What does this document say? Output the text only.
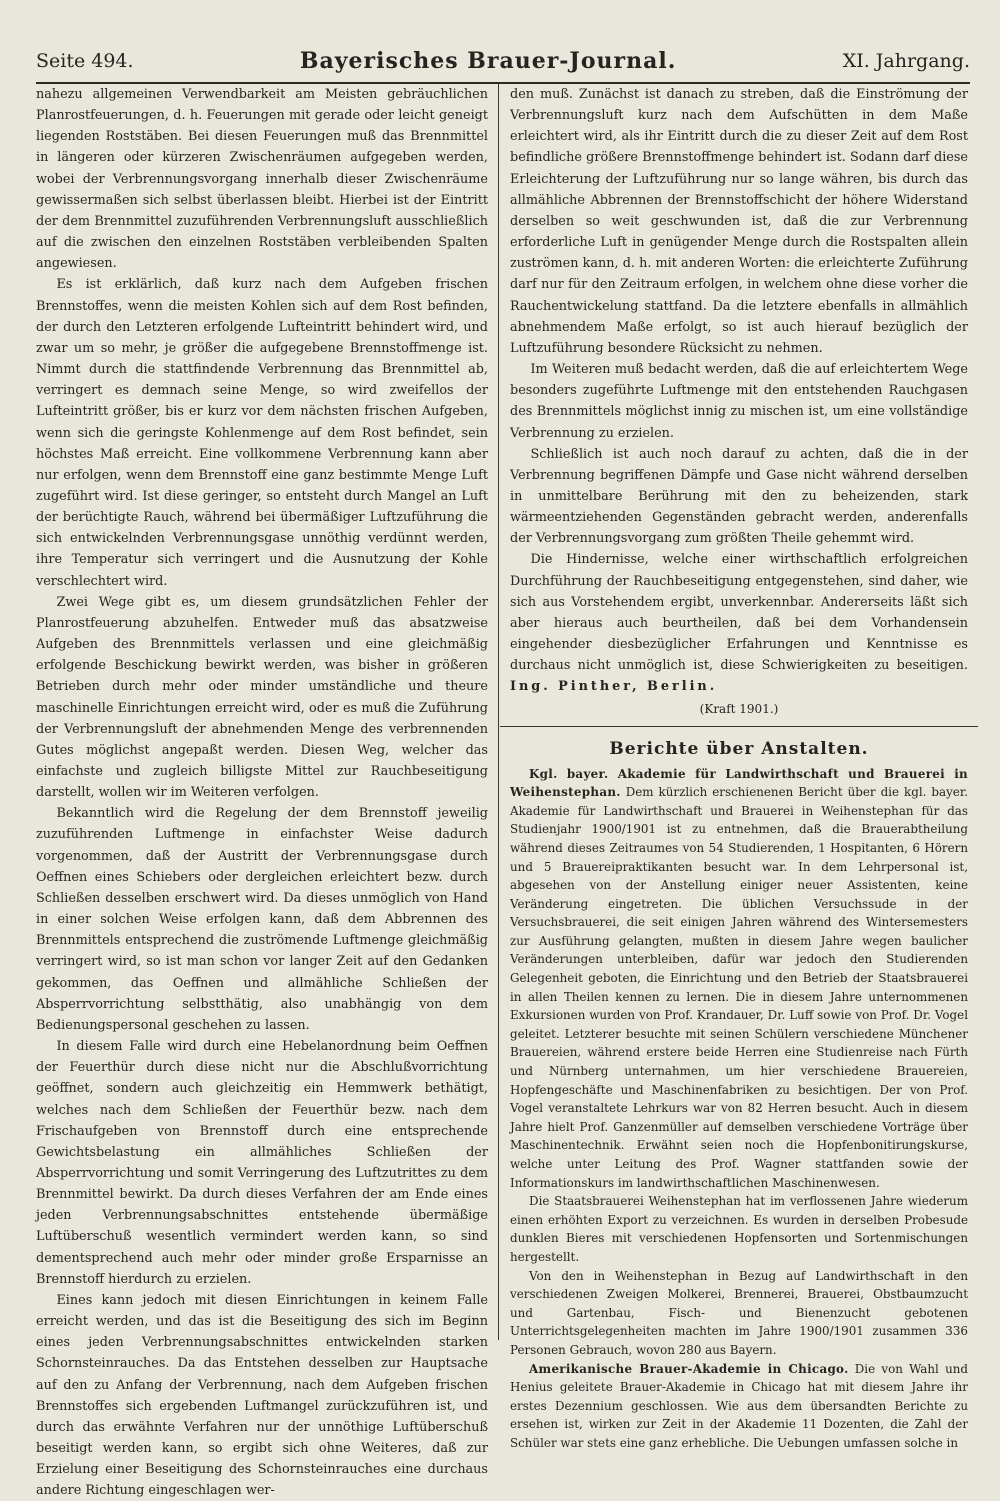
Seite 494.	Bayerisches Brauer-Journal.	XI. Jahrgang.

nahezu allgemeinen Verwendbarkeit am Meisten gebräuchlichen Planrostfeuerungen, d. h. Feuerungen mit gerade oder leicht geneigt liegenden Roststäben. Bei diesen Feuerungen muß das Brennmittel in längeren oder kürzeren Zwischenräumen aufgegeben werden, wobei der Verbrennungsvorgang innerhalb dieser Zwischenräume gewissermaßen sich selbst überlassen bleibt. Hierbei ist der Eintritt der dem Brennmittel zuzuführenden Verbrennungsluft ausschließlich auf die zwischen den einzelnen Roststäben verbleibenden Spalten angewiesen.

Es ist erklärlich, daß kurz nach dem Aufgeben frischen Brennstoffes, wenn die meisten Kohlen sich auf dem Rost befinden, der durch den Letzteren erfolgende Lufteintritt behindert wird, und zwar um so mehr, je größer die aufgegebene Brennstoffmenge ist. Nimmt durch die stattfindende Verbrennung das Brennmittel ab, verringert es demnach seine Menge, so wird zweifellos der Lufteintritt größer, bis er kurz vor dem nächsten frischen Aufgeben, wenn sich die geringste Kohlenmenge auf dem Rost befindet, sein höchstes Maß erreicht. Eine vollkommene Verbrennung kann aber nur erfolgen, wenn dem Brennstoff eine ganz bestimmte Menge Luft zugeführt wird. Ist diese geringer, so entsteht durch Mangel an Luft der berüchtigte Rauch, während bei übermäßiger Luftzuführung die sich entwickelnden Verbrennungsgase unnöthig verdünnt werden, ihre Temperatur sich verringert und die Ausnutzung der Kohle verschlechtert wird.

Zwei Wege gibt es, um diesem grundsätzlichen Fehler der Planrostfeuerung abzuhelfen. Entweder muß das absatzweise Aufgeben des Brennmittels verlassen und eine gleichmäßig erfolgende Beschickung bewirkt werden, was bisher in größeren Betrieben durch mehr oder minder umständliche und theure maschinelle Einrichtungen erreicht wird, oder es muß die Zuführung der Verbrennungsluft der abnehmenden Menge des verbrennenden Gutes möglichst angepaßt werden. Diesen Weg, welcher das einfachste und zugleich billigste Mittel zur Rauchbeseitigung darstellt, wollen wir im Weiteren verfolgen.

Bekanntlich wird die Regelung der dem Brennstoff jeweilig zuzuführenden Luftmenge in einfachster Weise dadurch vorgenommen, daß der Austritt der Verbrennungsgase durch Oeffnen eines Schiebers oder dergleichen erleichtert bezw. durch Schließen desselben erschwert wird. Da dieses unmöglich von Hand in einer solchen Weise erfolgen kann, daß dem Abbrennen des Brennmittels entsprechend die zuströmende Luftmenge gleichmäßig verringert wird, so ist man schon vor langer Zeit auf den Gedanken gekommen, das Oeffnen und allmähliche Schließen der Absperrvorrichtung selbstthätig, also unabhängig von dem Bedienungspersonal geschehen zu lassen.

In diesem Falle wird durch eine Hebelanordnung beim Oeffnen der Feuerthür durch diese nicht nur die Abschlußvorrichtung geöffnet, sondern auch gleichzeitig ein Hemmwerk bethätigt, welches nach dem Schließen der Feuerthür bezw. nach dem Frischaufgeben von Brennstoff durch eine entsprechende Gewichtsbelastung ein allmähliches Schließen der Absperrvorrichtung und somit Verringerung des Luftzutrittes zu dem Brennmittel bewirkt. Da durch dieses Verfahren der am Ende eines jeden Verbrennungsabschnittes entstehende übermäßige Luftüberschuß wesentlich vermindert werden kann, so sind dementsprechend auch mehr oder minder große Ersparnisse an Brennstoff hierdurch zu erzielen.

Eines kann jedoch mit diesen Einrichtungen in keinem Falle erreicht werden, und das ist die Beseitigung des sich im Beginn eines jeden Verbrennungsabschnittes entwickelnden starken Schornsteinrauches. Da das Entstehen desselben zur Hauptsache auf den zu Anfang der Verbrennung, nach dem Aufgeben frischen Brennstoffes sich ergebenden Luftmangel zurückzuführen ist, und durch das erwähnte Verfahren nur der unnöthige Luftüberschuß beseitigt werden kann, so ergibt sich ohne Weiteres, daß zur Erzielung einer Beseitigung des Schornsteinrauches eine durchaus andere Richtung eingeschlagen wer-

den muß. Zunächst ist danach zu streben, daß die Einströmung der Verbrennungsluft kurz nach dem Aufschütten in dem Maße erleichtert wird, als ihr Eintritt durch die zu dieser Zeit auf dem Rost befindliche größere Brennstoffmenge behindert ist. Sodann darf diese Erleichterung der Luftzuführung nur so lange währen, bis durch das allmähliche Abbrennen der Brennstoffschicht der höhere Widerstand derselben so weit geschwunden ist, daß die zur Verbrennung erforderliche Luft in genügender Menge durch die Rostspalten allein zuströmen kann, d. h. mit anderen Worten: die erleichterte Zuführung darf nur für den Zeitraum erfolgen, in welchem ohne diese vorher die Rauchentwickelung stattfand. Da die letztere ebenfalls in allmählich abnehmendem Maße erfolgt, so ist auch hierauf bezüglich der Luftzuführung besondere Rücksicht zu nehmen.

Im Weiteren muß bedacht werden, daß die auf erleichtertem Wege besonders zugeführte Luftmenge mit den entstehenden Rauchgasen des Brennmittels möglichst innig zu mischen ist, um eine vollständige Verbrennung zu erzielen.

Schließlich ist auch noch darauf zu achten, daß die in der Verbrennung begriffenen Dämpfe und Gase nicht während derselben in unmittelbare Berührung mit den zu beheizenden, stark wärmeentziehenden Gegenständen gebracht werden, anderenfalls der Verbrennungsvorgang zum größten Theile gehemmt wird.

Die Hindernisse, welche einer wirthschaftlich erfolgreichen Durchführung der Rauchbeseitigung entgegenstehen, sind daher, wie sich aus Vorstehendem ergibt, unverkennbar. Andererseits läßt sich aber hieraus auch beurtheilen, daß bei dem Vorhandensein eingehender diesbezüglicher Erfahrungen und Kenntnisse es durchaus nicht unmöglich ist, diese Schwierigkeiten zu beseitigen. Ing. Pinther, Berlin.

(Kraft 1901.)
Berichte über Anstalten.

Kgl. bayer. Akademie für Landwirthschaft und Brauerei in Weihenstephan. Dem kürzlich erschienenen Bericht über die kgl. bayer. Akademie für Landwirthschaft und Brauerei in Weihenstephan für das Studienjahr 1900/1901 ist zu entnehmen, daß die Brauerabtheilung während dieses Zeitraumes von 54 Studierenden, 1 Hospitanten, 6 Hörern und 5 Brauereipraktikanten besucht war. In dem Lehrpersonal ist, abgesehen von der Anstellung einiger neuer Assistenten, keine Veränderung eingetreten. Die üblichen Versuchssude in der Versuchsbrauerei, die seit einigen Jahren während des Wintersemesters zur Ausführung gelangten, mußten in diesem Jahre wegen baulicher Veränderungen unterbleiben, dafür war jedoch den Studierenden Gelegenheit geboten, die Einrichtung und den Betrieb der Staatsbrauerei in allen Theilen kennen zu lernen. Die in diesem Jahre unternommenen Exkursionen wurden von Prof. Krandauer, Dr. Luff sowie von Prof. Dr. Vogel geleitet. Letzterer besuchte mit seinen Schülern verschiedene Münchener Brauereien, während erstere beide Herren eine Studienreise nach Fürth und Nürnberg unternahmen, um hier verschiedene Brauereien, Hopfengeschäfte und Maschinenfabriken zu besichtigen. Der von Prof. Vogel veranstaltete Lehrkurs war von 82 Herren besucht. Auch in diesem Jahre hielt Prof. Ganzenmüller auf demselben verschiedene Vorträge über Maschinentechnik. Erwähnt seien noch die Hopfenbonitirungskurse, welche unter Leitung des Prof. Wagner stattfanden sowie der Informationskurs im landwirthschaftlichen Maschinenwesen.

Die Staatsbrauerei Weihenstephan hat im verflossenen Jahre wiederum einen erhöhten Export zu verzeichnen. Es wurden in derselben Probesude dunklen Bieres mit verschiedenen Hopfensorten und Sortenmischungen hergestellt.

Von den in Weihenstephan in Bezug auf Landwirthschaft in den verschiedenen Zweigen Molkerei, Brennerei, Brauerei, Obstbaumzucht und Gartenbau, Fisch- und Bienenzucht gebotenen Unterrichtsgelegenheiten machten im Jahre 1900/1901 zusammen 336 Personen Gebrauch, wovon 280 aus Bayern.

Amerikanische Brauer-Akademie in Chicago. Die von Wahl und Henius geleitete Brauer-Akademie in Chicago hat mit diesem Jahre ihr erstes Dezennium geschlossen. Wie aus dem übersandten Berichte zu ersehen ist, wirken zur Zeit in der Akademie 11 Dozenten, die Zahl der Schüler war stets eine ganz erhebliche. Die Uebungen umfassen solche in
